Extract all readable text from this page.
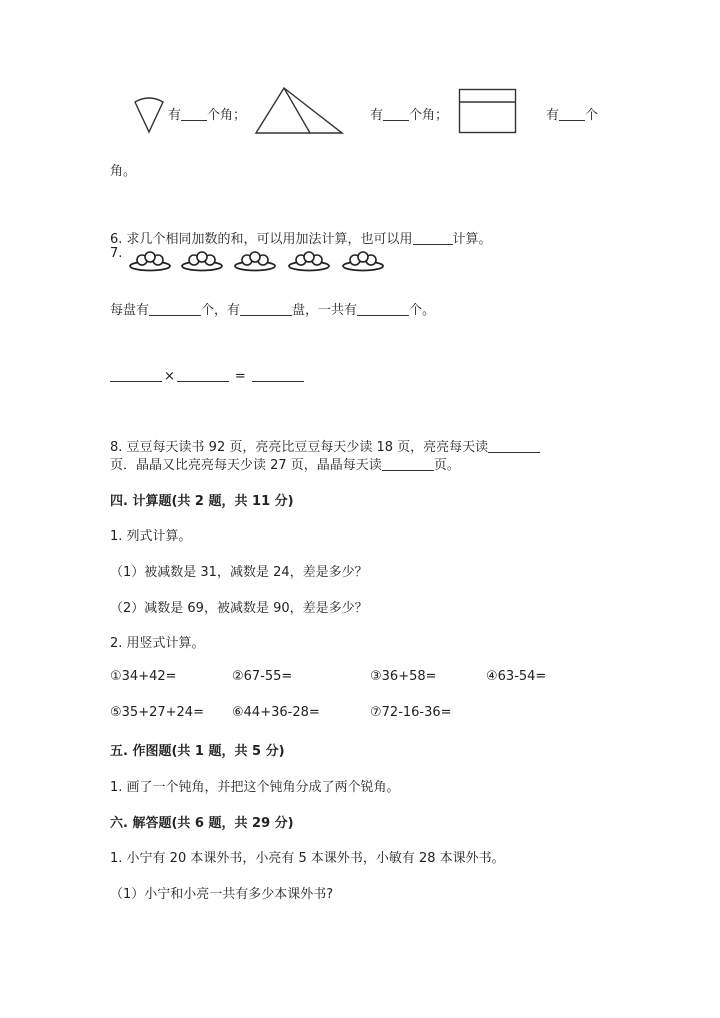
有 个角；	有 个角；	有 个
角。
6. 求几个相同加数的和，可以用加法计算，也可以用	计算。
7.
每盘有	个，有	盘，一共有	个。
×	=
8. 豆豆每天读书 92 页，亮亮比豆豆每天少读 18 页，亮亮每天读
页．晶晶又比亮亮每天少读 27 页，晶晶每天读	页。
四. 计算题(共 2 题，共 11 分)
1. 列式计算。
（1）被减数是 31，减数是 24，差是多少？
（2）减数是 69，被减数是 90，差是多少？
2. 用竖式计算。
①34+42=	②67-55=	③36+58=	④63-54=
⑤35+27+24= ⑥44+36-28=	⑦72-16-36=
五. 作图题(共 1 题，共 5 分)
1. 画了一个钝角，并把这个钝角分成了两个锐角。
六. 解答题(共 6 题，共 29 分)
1. 小宁有 20 本课外书，小亮有 5 本课外书，小敏有 28 本课外书。
（1）小宁和小亮一共有多少本课外书?
